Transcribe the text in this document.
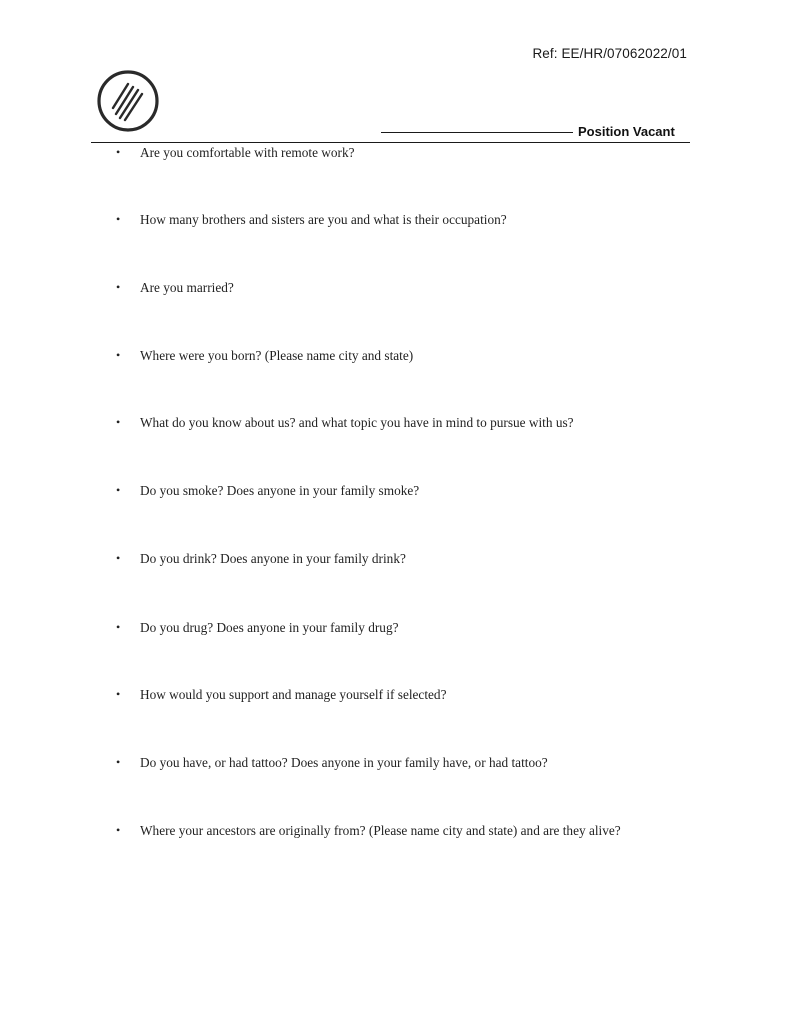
Ref: EE/HR/07062022/01
Position Vacant
•	Are you comfortable with remote work?
•	How many brothers and sisters are you and what is their occupation?
•	Are you married?
•	Where were you born? (Please name city and state)
•	What do you know about us? and what topic you have in mind to pursue with us?
•	Do you smoke? Does anyone in your family smoke?
•	Do you drink? Does anyone in your family drink?
•	Do you drug? Does anyone in your family drug?
•	How would you support and manage yourself if selected?
•	Do you have, or had tattoo? Does anyone in your family have, or had tattoo?
•	Where your ancestors are originally from? (Please name city and state) and are they alive?
